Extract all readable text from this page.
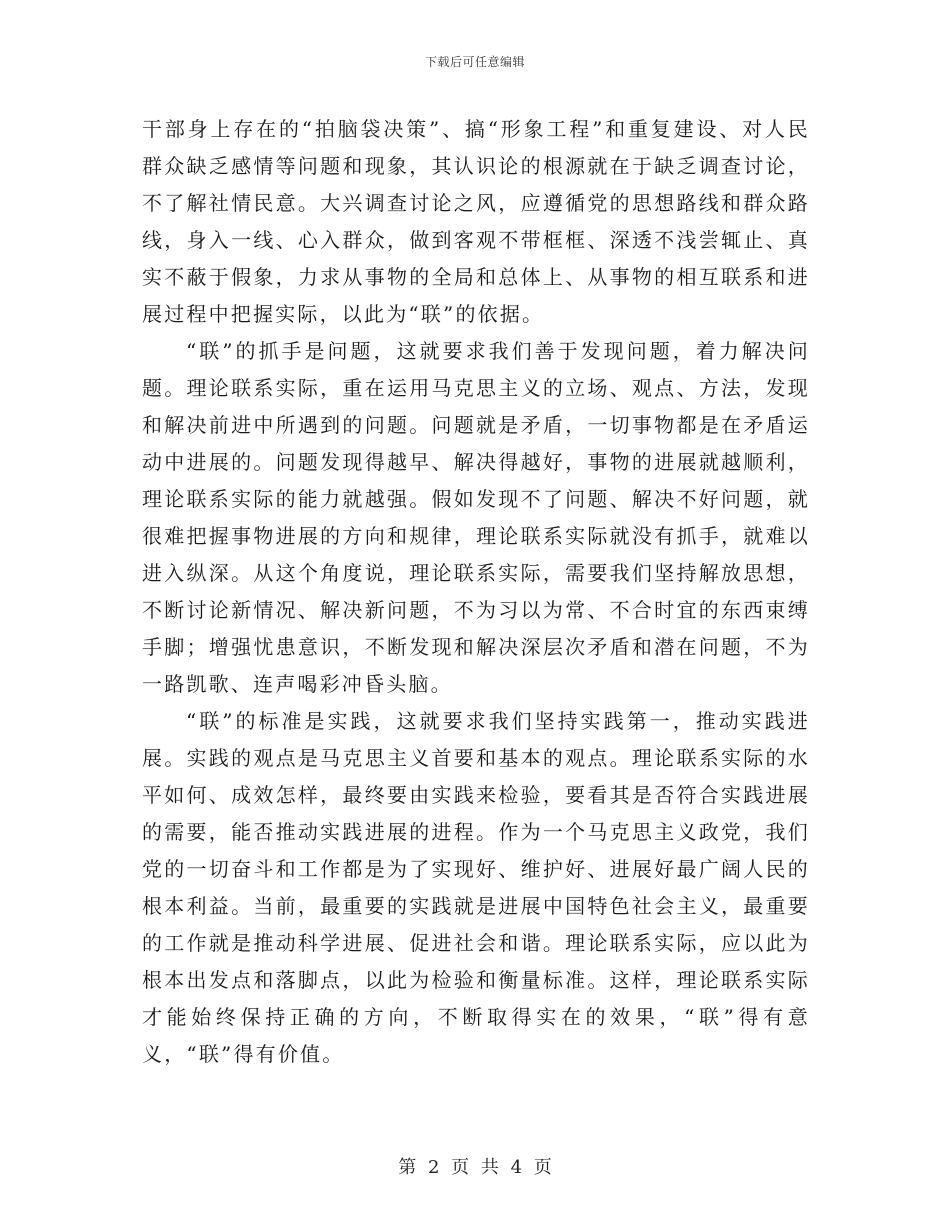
下载后可任意编辑

干部身上存在的“拍脑袋决策”、搞“形象工程”和重复建设、对人民群众缺乏感情等问题和现象，其认识论的根源就在于缺乏调查讨论，不了解社情民意。大兴调查讨论之风，应遵循党的思想路线和群众路线，身入一线、心入群众，做到客观不带框框、深透不浅尝辄止、真实不蔽于假象，力求从事物的全局和总体上、从事物的相互联系和进展过程中把握实际，以此为“联”的依据。

“联”的抓手是问题，这就要求我们善于发现问题，着力解决问题。理论联系实际，重在运用马克思主义的立场、观点、方法，发现和解决前进中所遇到的问题。问题就是矛盾，一切事物都是在矛盾运动中进展的。问题发现得越早、解决得越好，事物的进展就越顺利，理论联系实际的能力就越强。假如发现不了问题、解决不好问题，就很难把握事物进展的方向和规律，理论联系实际就没有抓手，就难以进入纵深。从这个角度说，理论联系实际，需要我们坚持解放思想，不断讨论新情况、解决新问题，不为习以为常、不合时宜的东西束缚手脚；增强忧患意识，不断发现和解决深层次矛盾和潜在问题，不为一路凯歌、连声喝彩冲昏头脑。

“联”的标准是实践，这就要求我们坚持实践第一，推动实践进展。实践的观点是马克思主义首要和基本的观点。理论联系实际的水平如何、成效怎样，最终要由实践来检验，要看其是否符合实践进展的需要，能否推动实践进展的进程。作为一个马克思主义政党，我们党的一切奋斗和工作都是为了实现好、维护好、进展好最广阔人民的根本利益。当前，最重要的实践就是进展中国特色社会主义，最重要的工作就是推动科学进展、促进社会和谐。理论联系实际，应以此为根本出发点和落脚点，以此为检验和衡量标准。这样，理论联系实际才能始终保持正确的方向，不断取得实在的效果，“联”得有意义，“联”得有价值。

第 2 页 共 4 页
